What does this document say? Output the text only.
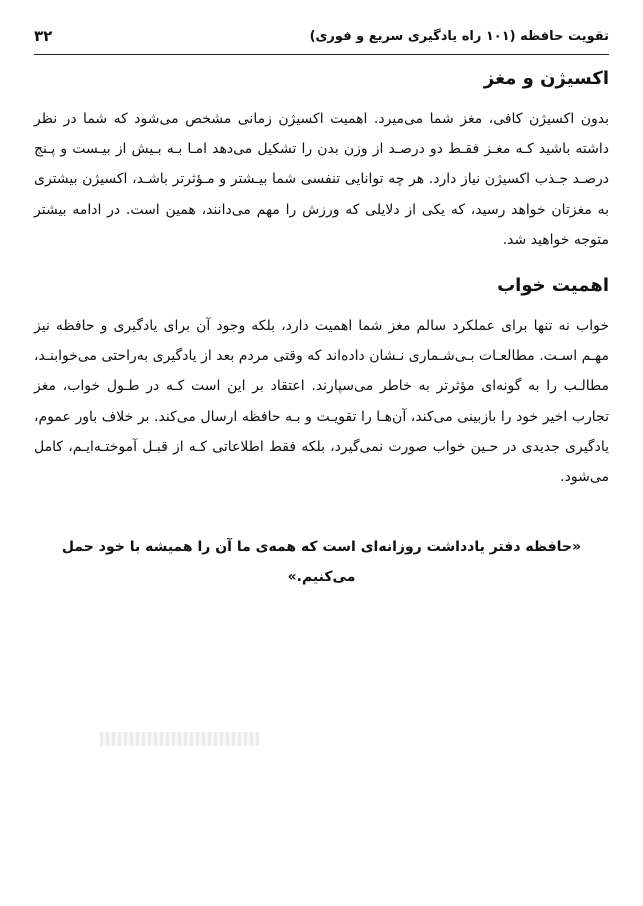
تقویت حافظه (۱۰۱ راه یادگیری سریع و فوری)
۳۲
اکسیژن و مغز

بدون اکسیژن کافی، مغز شما می‌میرد. اهمیت اکسیژن زمانی مشخص می‌شود که شما در نظر داشته باشید کـه مغـز فقـط دو درصـد از وزن بدن را تشکیل می‌دهد امـا بـه بـیش از بیـست و پـنج درصـد جـذب اکسیژن نیاز دارد. هر چه توانایی تنفسی شما بیـشتر و مـؤثرتر باشـد، اکسیژن بیشتری به مغزتان خواهد رسید، که یکی از دلایلی که ورزش را مهم می‌دانند، همین است. در ادامه بیشتر متوجه خواهید شد.

اهمیت خواب

خواب نه تنها برای عملکرد سالم مغز شما اهمیت دارد، بلکه وجود آن برای یادگیری و حافظه نیز مهـم اسـت. مطالعـات بـی‌شـماری نـشان داده‌اند که وقتی مردم بعد از یادگیری به‌راحتی می‌خوابنـد، مطالـب را به گونه‌ای مؤثرتر به خاطر می‌سپارند. اعتقاد بر این است کـه در طـول خواب، مغز تجارب اخیر خود را بازبینی می‌کند، آن‌هـا را تقویـت و بـه حافظه ارسال می‌کند. بر خلاف باور عموم، یادگیری جدیدی در حـین خواب صورت نمی‌گیرد، بلکه فقط اطلاعاتی کـه از قبـل آموختـه‌ایـم، کامل می‌شود.

«حافظه دفتر یادداشت روزانه‌ای است که همه‌ی ما آن را همیشه با خود حمل می‌کنیم.»
